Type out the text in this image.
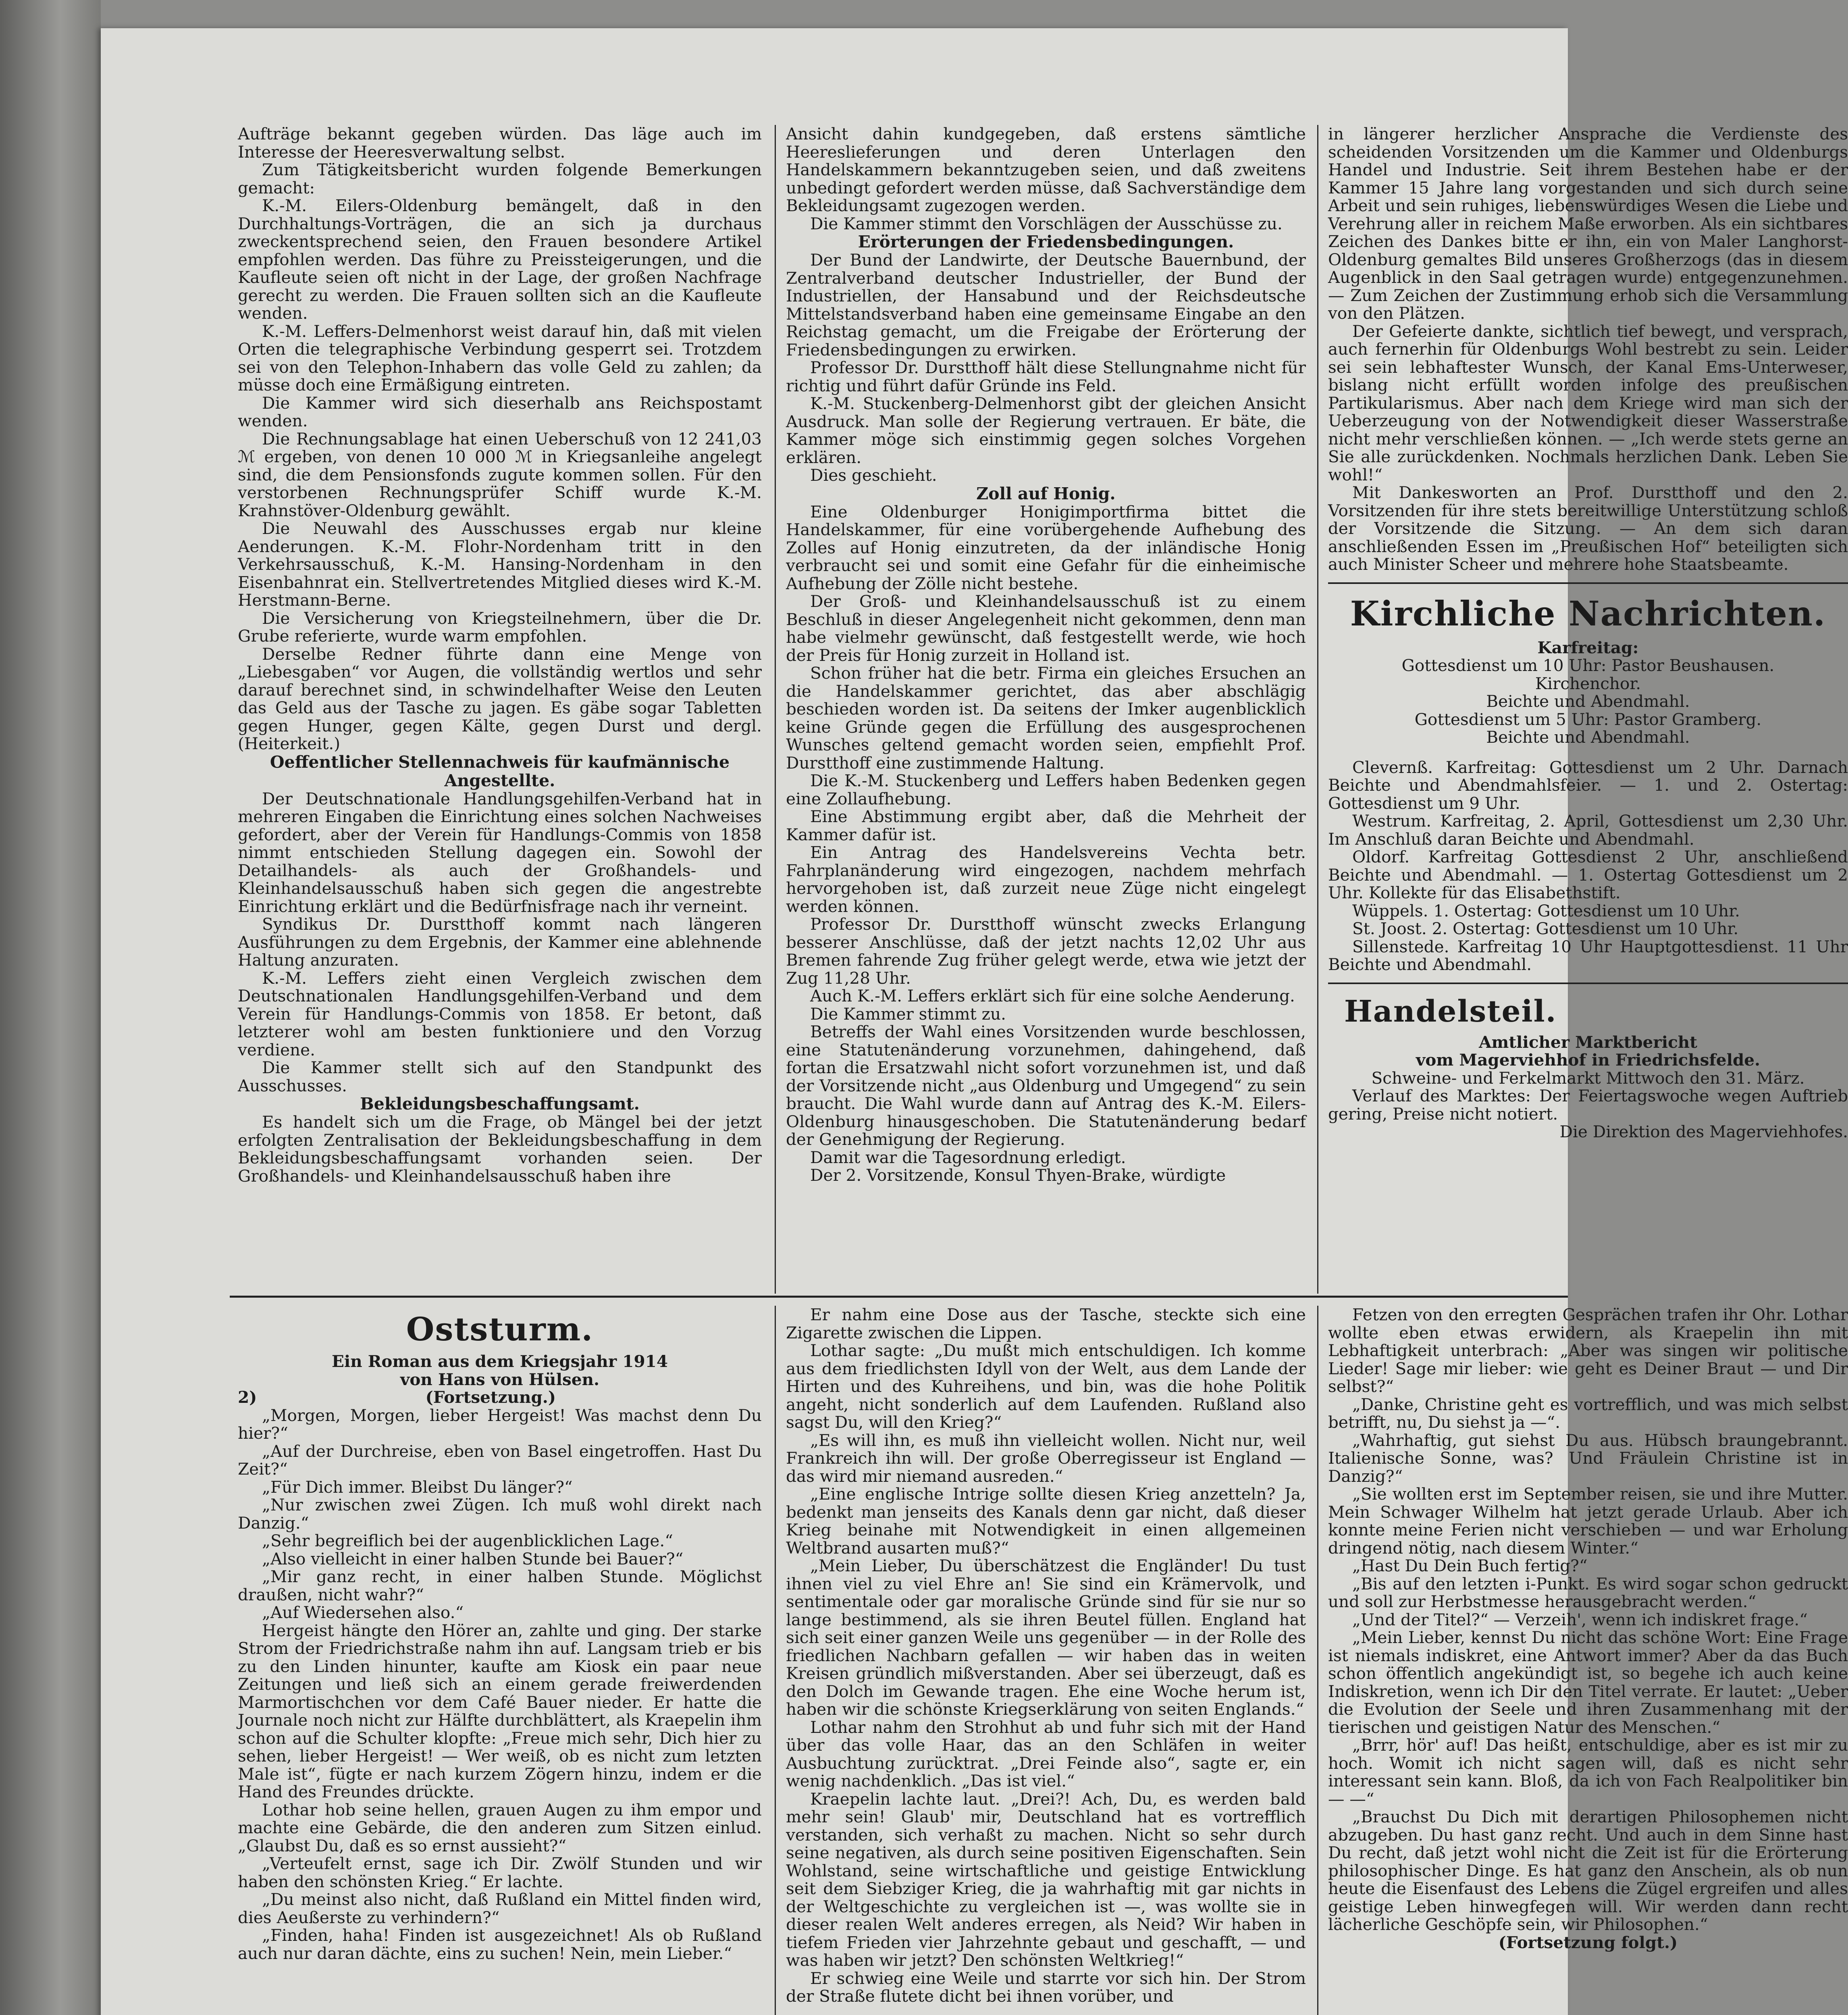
Aufträge bekannt gegeben würden. Das läge auch im Interesse der Heeresverwaltung selbst.

Zum Tätigkeitsbericht wurden folgende Bemerkungen gemacht:

K.-M. Eilers-Oldenburg bemängelt, daß in den Durchhaltungs-Vorträgen, die an sich ja durchaus zweckentsprechend seien, den Frauen besondere Artikel empfohlen werden. Das führe zu Preissteigerungen, und die Kaufleute seien oft nicht in der Lage, der großen Nachfrage gerecht zu werden. Die Frauen sollten sich an die Kaufleute wenden.

K.-M. Leffers-Delmenhorst weist darauf hin, daß mit vielen Orten die telegraphische Verbindung gesperrt sei. Trotzdem sei von den Telephon-Inhabern das volle Geld zu zahlen; da müsse doch eine Ermäßigung eintreten.

Die Kammer wird sich dieserhalb ans Reichspostamt wenden.

Die Rechnungsablage hat einen Ueberschuß von 12 241,03 ℳ ergeben, von denen 10 000 ℳ in Kriegsanleihe angelegt sind, die dem Pensionsfonds zugute kommen sollen. Für den verstorbenen Rechnungsprüfer Schiff wurde K.-M. Krahnstöver-Oldenburg gewählt.

Die Neuwahl des Ausschusses ergab nur kleine Aenderungen. K.-M. Flohr-Nordenham tritt in den Verkehrsausschuß, K.-M. Hansing-Nordenham in den Eisenbahnrat ein. Stellvertretendes Mitglied dieses wird K.-M. Herstmann-Berne.

Die Versicherung von Kriegsteilnehmern, über die Dr. Grube referierte, wurde warm empfohlen.

Derselbe Redner führte dann eine Menge von „Liebesgaben“ vor Augen, die vollständig wertlos und sehr darauf berechnet sind, in schwindelhafter Weise den Leuten das Geld aus der Tasche zu jagen. Es gäbe sogar Tabletten gegen Hunger, gegen Kälte, gegen Durst und dergl. (Heiterkeit.)

Oeffentlicher Stellennachweis für kaufmännische Angestellte.

Der Deutschnationale Handlungsgehilfen-Verband hat in mehreren Eingaben die Einrichtung eines solchen Nachweises gefordert, aber der Verein für Handlungs-Commis von 1858 nimmt entschieden Stellung dagegen ein. Sowohl der Detailhandels- als auch der Großhandels- und Kleinhandelsausschuß haben sich gegen die angestrebte Einrichtung erklärt und die Bedürfnisfrage nach ihr verneint.

Syndikus Dr. Durstthoff kommt nach längeren Ausführungen zu dem Ergebnis, der Kammer eine ablehnende Haltung anzuraten.

K.-M. Leffers zieht einen Vergleich zwischen dem Deutschnationalen Handlungsgehilfen-Verband und dem Verein für Handlungs-Commis von 1858. Er betont, daß letzterer wohl am besten funktioniere und den Vorzug verdiene.

Die Kammer stellt sich auf den Standpunkt des Ausschusses.

Bekleidungsbeschaffungsamt.

Es handelt sich um die Frage, ob Mängel bei der jetzt erfolgten Zentralisation der Bekleidungsbeschaffung in dem Bekleidungsbeschaffungsamt vorhanden seien. Der Großhandels- und Kleinhandelsausschuß haben ihre

Ansicht dahin kundgegeben, daß erstens sämtliche Heereslieferungen und deren Unterlagen den Handelskammern bekanntzugeben seien, und daß zweitens unbedingt gefordert werden müsse, daß Sachverständige dem Bekleidungsamt zugezogen werden.

Die Kammer stimmt den Vorschlägen der Ausschüsse zu.

Erörterungen der Friedensbedingungen.

Der Bund der Landwirte, der Deutsche Bauernbund, der Zentralverband deutscher Industrieller, der Bund der Industriellen, der Hansabund und der Reichsdeutsche Mittelstandsverband haben eine gemeinsame Eingabe an den Reichstag gemacht, um die Freigabe der Erörterung der Friedensbedingungen zu erwirken.

Professor Dr. Durstthoff hält diese Stellungnahme nicht für richtig und führt dafür Gründe ins Feld.

K.-M. Stuckenberg-Delmenhorst gibt der gleichen Ansicht Ausdruck. Man solle der Regierung vertrauen. Er bäte, die Kammer möge sich einstimmig gegen solches Vorgehen erklären.

Dies geschieht.

Zoll auf Honig.

Eine Oldenburger Honigimportfirma bittet die Handelskammer, für eine vorübergehende Aufhebung des Zolles auf Honig einzutreten, da der inländische Honig verbraucht sei und somit eine Gefahr für die einheimische Aufhebung der Zölle nicht bestehe.

Der Groß- und Kleinhandelsausschuß ist zu einem Beschluß in dieser Angelegenheit nicht gekommen, denn man habe vielmehr gewünscht, daß festgestellt werde, wie hoch der Preis für Honig zurzeit in Holland ist.

Schon früher hat die betr. Firma ein gleiches Ersuchen an die Handelskammer gerichtet, das aber abschlägig beschieden worden ist. Da seitens der Imker augenblicklich keine Gründe gegen die Erfüllung des ausgesprochenen Wunsches geltend gemacht worden seien, empfiehlt Prof. Durstthoff eine zustimmende Haltung.

Die K.-M. Stuckenberg und Leffers haben Bedenken gegen eine Zollaufhebung.

Eine Abstimmung ergibt aber, daß die Mehrheit der Kammer dafür ist.

Ein Antrag des Handelsvereins Vechta betr. Fahrplanänderung wird eingezogen, nachdem mehrfach hervorgehoben ist, daß zurzeit neue Züge nicht eingelegt werden können.

Professor Dr. Durstthoff wünscht zwecks Erlangung besserer Anschlüsse, daß der jetzt nachts 12,02 Uhr aus Bremen fahrende Zug früher gelegt werde, etwa wie jetzt der Zug 11,28 Uhr.

Auch K.-M. Leffers erklärt sich für eine solche Aenderung.

Die Kammer stimmt zu.

Betreffs der Wahl eines Vorsitzenden wurde beschlossen, eine Statutenänderung vorzunehmen, dahingehend, daß fortan die Ersatzwahl nicht sofort vorzunehmen ist, und daß der Vorsitzende nicht „aus Oldenburg und Umgegend“ zu sein braucht. Die Wahl wurde dann auf Antrag des K.-M. Eilers-Oldenburg hinausgeschoben. Die Statutenänderung bedarf der Genehmigung der Regierung.

Damit war die Tagesordnung erledigt.

Der 2. Vorsitzende, Konsul Thyen-Brake, würdigte

in längerer herzlicher Ansprache die Verdienste des scheidenden Vorsitzenden um die Kammer und Oldenburgs Handel und Industrie. Seit ihrem Bestehen habe er der Kammer 15 Jahre lang vorgestanden und sich durch seine Arbeit und sein ruhiges, liebenswürdiges Wesen die Liebe und Verehrung aller in reichem Maße erworben. Als ein sichtbares Zeichen des Dankes bitte er ihn, ein von Maler Langhorst-Oldenburg gemaltes Bild unseres Großherzogs (das in diesem Augenblick in den Saal getragen wurde) entgegenzunehmen. — Zum Zeichen der Zustimmung erhob sich die Versammlung von den Plätzen.

Der Gefeierte dankte, sichtlich tief bewegt, und versprach, auch fernerhin für Oldenburgs Wohl bestrebt zu sein. Leider sei sein lebhaftester Wunsch, der Kanal Ems-Unterweser, bislang nicht erfüllt worden infolge des preußischen Partikularismus. Aber nach dem Kriege wird man sich der Ueberzeugung von der Notwendigkeit dieser Wasserstraße nicht mehr verschließen können. — „Ich werde stets gerne an Sie alle zurückdenken. Nochmals herzlichen Dank. Leben Sie wohl!“

Mit Dankesworten an Prof. Durstthoff und den 2. Vorsitzenden für ihre stets bereitwillige Unterstützung schloß der Vorsitzende die Sitzung. — An dem sich daran anschließenden Essen im „Preußischen Hof“ beteiligten sich auch Minister Scheer und mehrere hohe Staatsbeamte.

Kirchliche Nachrichten.

Karfreitag:

Gottesdienst um 10 Uhr: Pastor Beushausen.

Kirchenchor.

Beichte und Abendmahl.

Gottesdienst um 5 Uhr: Pastor Gramberg.

Beichte und Abendmahl.

Clevernß. Karfreitag: Gottesdienst um 2 Uhr. Darnach Beichte und Abendmahlsfeier. — 1. und 2. Ostertag: Gottesdienst um 9 Uhr.

Westrum. Karfreitag, 2. April, Gottesdienst um 2,30 Uhr. Im Anschluß daran Beichte und Abendmahl.

Oldorf. Karfreitag Gottesdienst 2 Uhr, anschließend Beichte und Abendmahl. — 1. Ostertag Gottesdienst um 2 Uhr. Kollekte für das Elisabethstift.

Wüppels. 1. Ostertag: Gottesdienst um 10 Uhr.

St. Joost. 2. Ostertag: Gottesdienst um 10 Uhr.

Sillenstede. Karfreitag 10 Uhr Hauptgottesdienst. 11 Uhr Beichte und Abendmahl.

Handelsteil.

Amtlicher Marktbericht

vom Magerviehhof in Friedrichsfelde.

Schweine- und Ferkelmarkt Mittwoch den 31. März.

Verlauf des Marktes: Der Feiertagswoche wegen Auftrieb gering, Preise nicht notiert.

Die Direktion des Magerviehhofes.

Oststurm.

Ein Roman aus dem Kriegsjahr 1914

von Hans von Hülsen.

2)	(Fortsetzung.)

„Morgen, Morgen, lieber Hergeist! Was machst denn Du hier?“

„Auf der Durchreise, eben von Basel eingetroffen. Hast Du Zeit?“

„Für Dich immer. Bleibst Du länger?“

„Nur zwischen zwei Zügen. Ich muß wohl direkt nach Danzig.“

„Sehr begreiflich bei der augenblicklichen Lage.“

„Also vielleicht in einer halben Stunde bei Bauer?“

„Mir ganz recht, in einer halben Stunde. Möglichst draußen, nicht wahr?“

„Auf Wiedersehen also.“

Hergeist hängte den Hörer an, zahlte und ging. Der starke Strom der Friedrichstraße nahm ihn auf. Langsam trieb er bis zu den Linden hinunter, kaufte am Kiosk ein paar neue Zeitungen und ließ sich an einem gerade freiwerdenden Marmortischchen vor dem Café Bauer nieder. Er hatte die Journale noch nicht zur Hälfte durchblättert, als Kraepelin ihm schon auf die Schulter klopfte: „Freue mich sehr, Dich hier zu sehen, lieber Hergeist! — Wer weiß, ob es nicht zum letzten Male ist“, fügte er nach kurzem Zögern hinzu, indem er die Hand des Freundes drückte.

Lothar hob seine hellen, grauen Augen zu ihm empor und machte eine Gebärde, die den anderen zum Sitzen einlud. „Glaubst Du, daß es so ernst aussieht?“

„Verteufelt ernst, sage ich Dir. Zwölf Stunden und wir haben den schönsten Krieg.“ Er lachte.

„Du meinst also nicht, daß Rußland ein Mittel finden wird, dies Aeußerste zu verhindern?“

„Finden, haha! Finden ist ausgezeichnet! Als ob Rußland auch nur daran dächte, eins zu suchen! Nein, mein Lieber.“

Er nahm eine Dose aus der Tasche, steckte sich eine Zigarette zwischen die Lippen.

Lothar sagte: „Du mußt mich entschuldigen. Ich komme aus dem friedlichsten Idyll von der Welt, aus dem Lande der Hirten und des Kuhreihens, und bin, was die hohe Politik angeht, nicht sonderlich auf dem Laufenden. Rußland also sagst Du, will den Krieg?“

„Es will ihn, es muß ihn vielleicht wollen. Nicht nur, weil Frankreich ihn will. Der große Oberregisseur ist England — das wird mir niemand ausreden.“

„Eine englische Intrige sollte diesen Krieg anzetteln? Ja, bedenkt man jenseits des Kanals denn gar nicht, daß dieser Krieg beinahe mit Notwendigkeit in einen allgemeinen Weltbrand ausarten muß?“

„Mein Lieber, Du überschätzest die Engländer! Du tust ihnen viel zu viel Ehre an! Sie sind ein Krämervolk, und sentimentale oder gar moralische Gründe sind für sie nur so lange bestimmend, als sie ihren Beutel füllen. England hat sich seit einer ganzen Weile uns gegenüber — in der Rolle des friedlichen Nachbarn gefallen — wir haben das in weiten Kreisen gründlich mißverstanden. Aber sei überzeugt, daß es den Dolch im Gewande tragen. Ehe eine Woche herum ist, haben wir die schönste Kriegserklärung von seiten Englands.“

Lothar nahm den Strohhut ab und fuhr sich mit der Hand über das volle Haar, das an den Schläfen in weiter Ausbuchtung zurücktrat. „Drei Feinde also“, sagte er, ein wenig nachdenklich. „Das ist viel.“

Kraepelin lachte laut. „Drei?! Ach, Du, es werden bald mehr sein! Glaub' mir, Deutschland hat es vortrefflich verstanden, sich verhaßt zu machen. Nicht so sehr durch seine negativen, als durch seine positiven Eigenschaften. Sein Wohlstand, seine wirtschaftliche und geistige Entwicklung seit dem Siebziger Krieg, die ja wahrhaftig mit gar nichts in der Weltgeschichte zu vergleichen ist —, was wollte sie in dieser realen Welt anderes erregen, als Neid? Wir haben in tiefem Frieden vier Jahrzehnte gebaut und geschafft, — und was haben wir jetzt? Den schönsten Weltkrieg!“

Er schwieg eine Weile und starrte vor sich hin. Der Strom der Straße flutete dicht bei ihnen vorüber, und

Fetzen von den erregten Gesprächen trafen ihr Ohr. Lothar wollte eben etwas erwidern, als Kraepelin ihn mit Lebhaftigkeit unterbrach: „Aber was singen wir politische Lieder! Sage mir lieber: wie geht es Deiner Braut — und Dir selbst?“

„Danke, Christine geht es vortrefflich, und was mich selbst betrifft, nu, Du siehst ja —“.

„Wahrhaftig, gut siehst Du aus. Hübsch braungebrannt. Italienische Sonne, was? Und Fräulein Christine ist in Danzig?“

„Sie wollten erst im September reisen, sie und ihre Mutter. Mein Schwager Wilhelm hat jetzt gerade Urlaub. Aber ich konnte meine Ferien nicht verschieben — und war Erholung dringend nötig, nach diesem Winter.“

„Hast Du Dein Buch fertig?“

„Bis auf den letzten i-Punkt. Es wird sogar schon gedruckt und soll zur Herbstmesse herausgebracht werden.“

„Und der Titel?“ — Verzeih', wenn ich indiskret frage.“

„Mein Lieber, kennst Du nicht das schöne Wort: Eine Frage ist niemals indiskret, eine Antwort immer? Aber da das Buch schon öffentlich angekündigt ist, so begehe ich auch keine Indiskretion, wenn ich Dir den Titel verrate. Er lautet: „Ueber die Evolution der Seele und ihren Zusammenhang mit der tierischen und geistigen Natur des Menschen.“

„Brrr, hör' auf! Das heißt, entschuldige, aber es ist mir zu hoch. Womit ich nicht sagen will, daß es nicht sehr interessant sein kann. Bloß, da ich von Fach Realpolitiker bin — —“

„Brauchst Du Dich mit derartigen Philosophemen nicht abzugeben. Du hast ganz recht. Und auch in dem Sinne hast Du recht, daß jetzt wohl nicht die Zeit ist für die Erörterung philosophischer Dinge. Es hat ganz den Anschein, als ob nun heute die Eisenfaust des Lebens die Zügel ergreifen und alles geistige Leben hinwegfegen will. Wir werden dann recht lächerliche Geschöpfe sein, wir Philosophen.“

(Fortsetzung folgt.)
